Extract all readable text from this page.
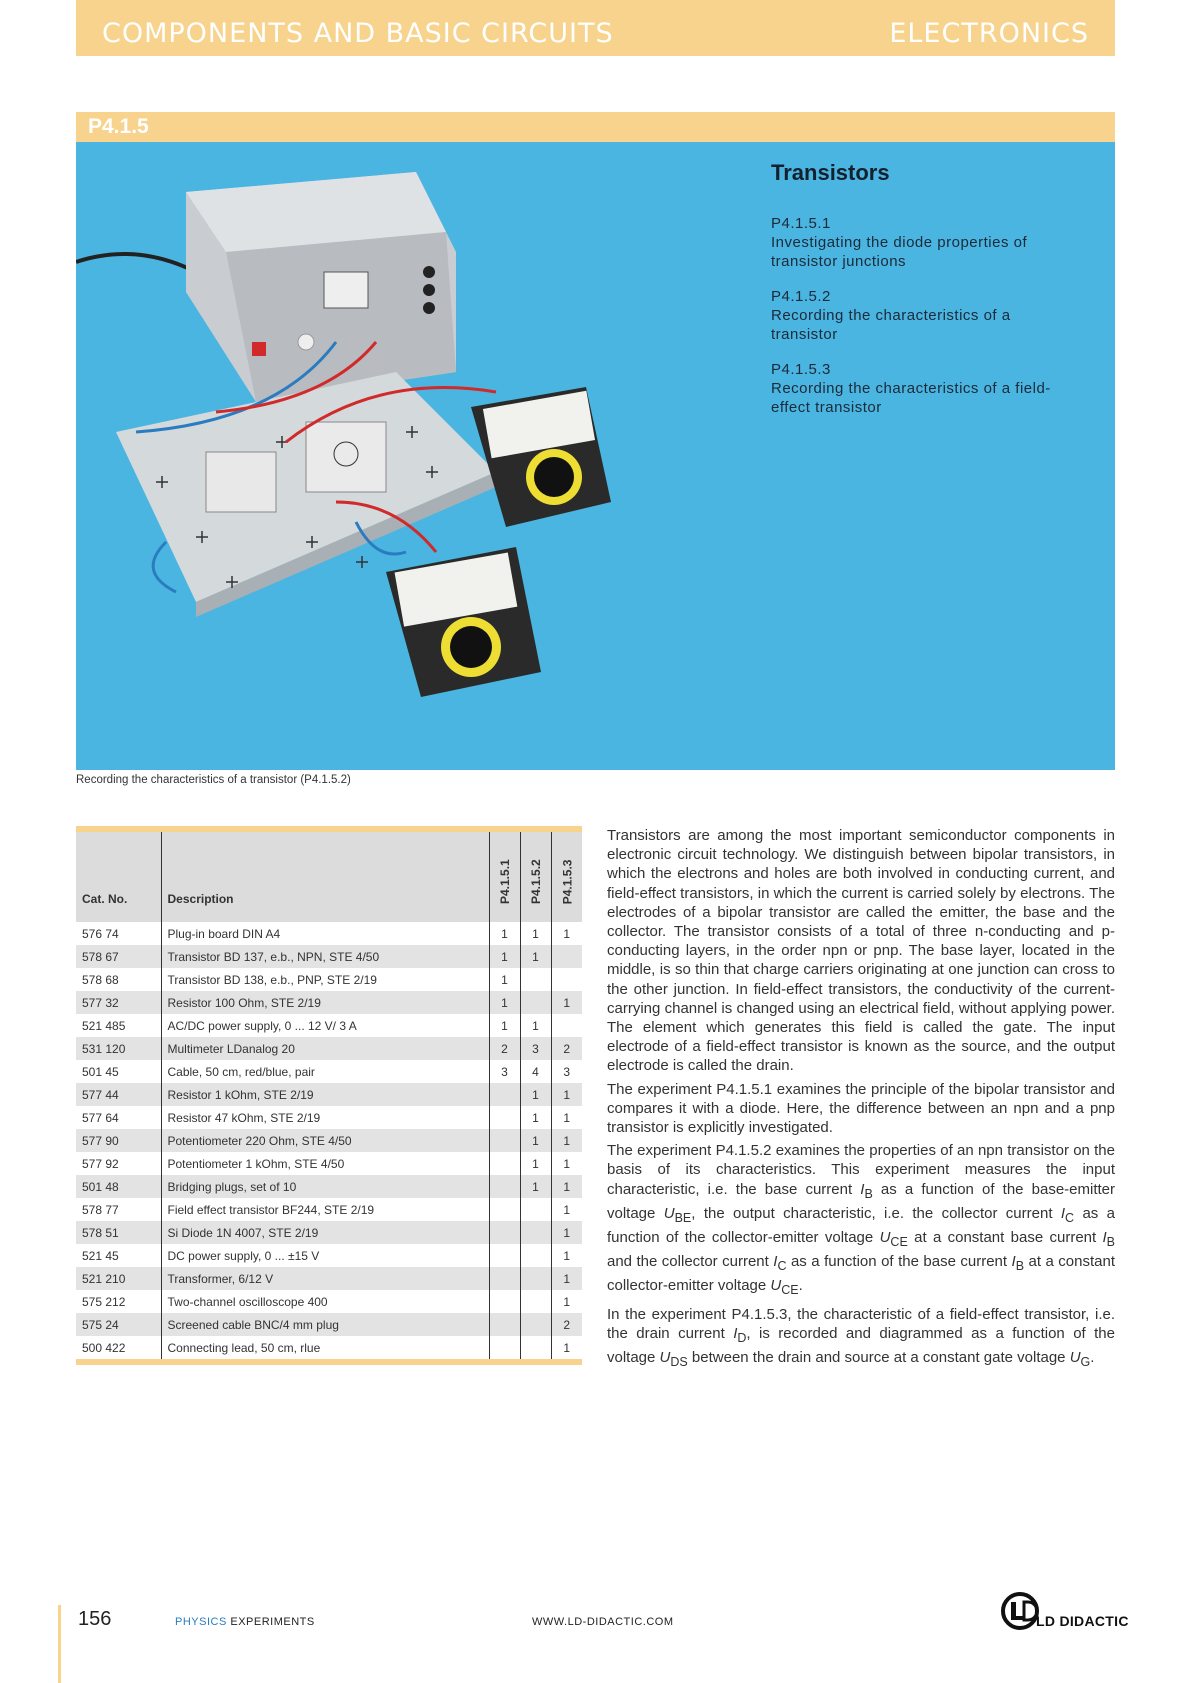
COMPONENTS AND BASIC CIRCUITS	ELECTRONICS
P4.1.5
Transistors
P4.1.5.1
Investigating the diode properties of transistor junctions
P4.1.5.2
Recording the characteristics of a transistor
P4.1.5.3
Recording the characteristics of a field-effect transistor
Recording the characteristics of a transistor (P4.1.5.2)
Cat. No.	Description	P4.1.5.1	P4.1.5.2	P4.1.5.3

576 74	Plug-in board DIN A4	1	1	1
578 67	Transistor BD 137, e.b., NPN, STE 4/50	1	1	
578 68	Transistor BD 138, e.b., PNP, STE 2/19	1		
577 32	Resistor 100 Ohm, STE 2/19	1		1
521 485	AC/DC power supply, 0 ... 12 V/ 3 A	1	1	
531 120	Multimeter LDanalog 20	2	3	2
501 45	Cable, 50 cm, red/blue, pair	3	4	3
577 44	Resistor 1 kOhm, STE 2/19		1	1
577 64	Resistor 47 kOhm, STE 2/19		1	1
577 90	Potentiometer 220 Ohm, STE 4/50		1	1
577 92	Potentiometer 1 kOhm, STE 4/50		1	1
501 48	Bridging plugs, set of 10		1	1
578 77	Field effect transistor BF244, STE 2/19			1
578 51	Si Diode 1N 4007, STE 2/19			1
521 45	DC power supply, 0 ... ±15 V			1
521 210	Transformer, 6/12 V			1
575 212	Two-channel oscilloscope 400			1
575 24	Screened cable BNC/4 mm plug			2
500 422	Connecting lead, 50 cm, rlue			1

Transistors are among the most important semiconductor components in electronic circuit technology. We distinguish between bipolar transistors, in which the electrons and holes are both involved in conducting current, and field-effect transistors, in which the current is carried solely by electrons. The electrodes of a bipolar transistor are called the emitter, the base and the collector. The transistor consists of a total of three n-conducting and p-conducting layers, in the order npn or pnp. The base layer, located in the middle, is so thin that charge carriers originating at one junction can cross to the other junction. In field-effect transistors, the conductivity of the current-carrying channel is changed using an electrical field, without applying power. The element which generates this field is called the gate. The input electrode of a field-effect transistor is known as the source, and the output electrode is called the drain.

The experiment P4.1.5.1 examines the principle of the bipolar transistor and compares it with a diode. Here, the difference between an npn and a pnp transistor is explicitly investigated.

The experiment P4.1.5.2 examines the properties of an npn transistor on the basis of its characteristics. This experiment measures the input characteristic, i.e. the base current $I_B$ as a function of the base-emitter voltage $U_{BE}$, the output characteristic, i.e. the collector current $I_C$ as a function of the collector-emitter voltage $U_{CE}$ at a constant base current $I_B$ and the collector current $I_C$ as a function of the base current $I_B$ at a constant collector-emitter voltage $U_{CE}$.

In the experiment P4.1.5.3, the characteristic of a field-effect transistor, i.e. the drain current $I_D$, is recorded and diagrammed as a function of the voltage $U_{DS}$ between the drain and source at a constant gate voltage $U_G$.

156	PHYSICS EXPERIMENTS	WWW.LD-DIDACTIC.COM	LD DIDACTIC
